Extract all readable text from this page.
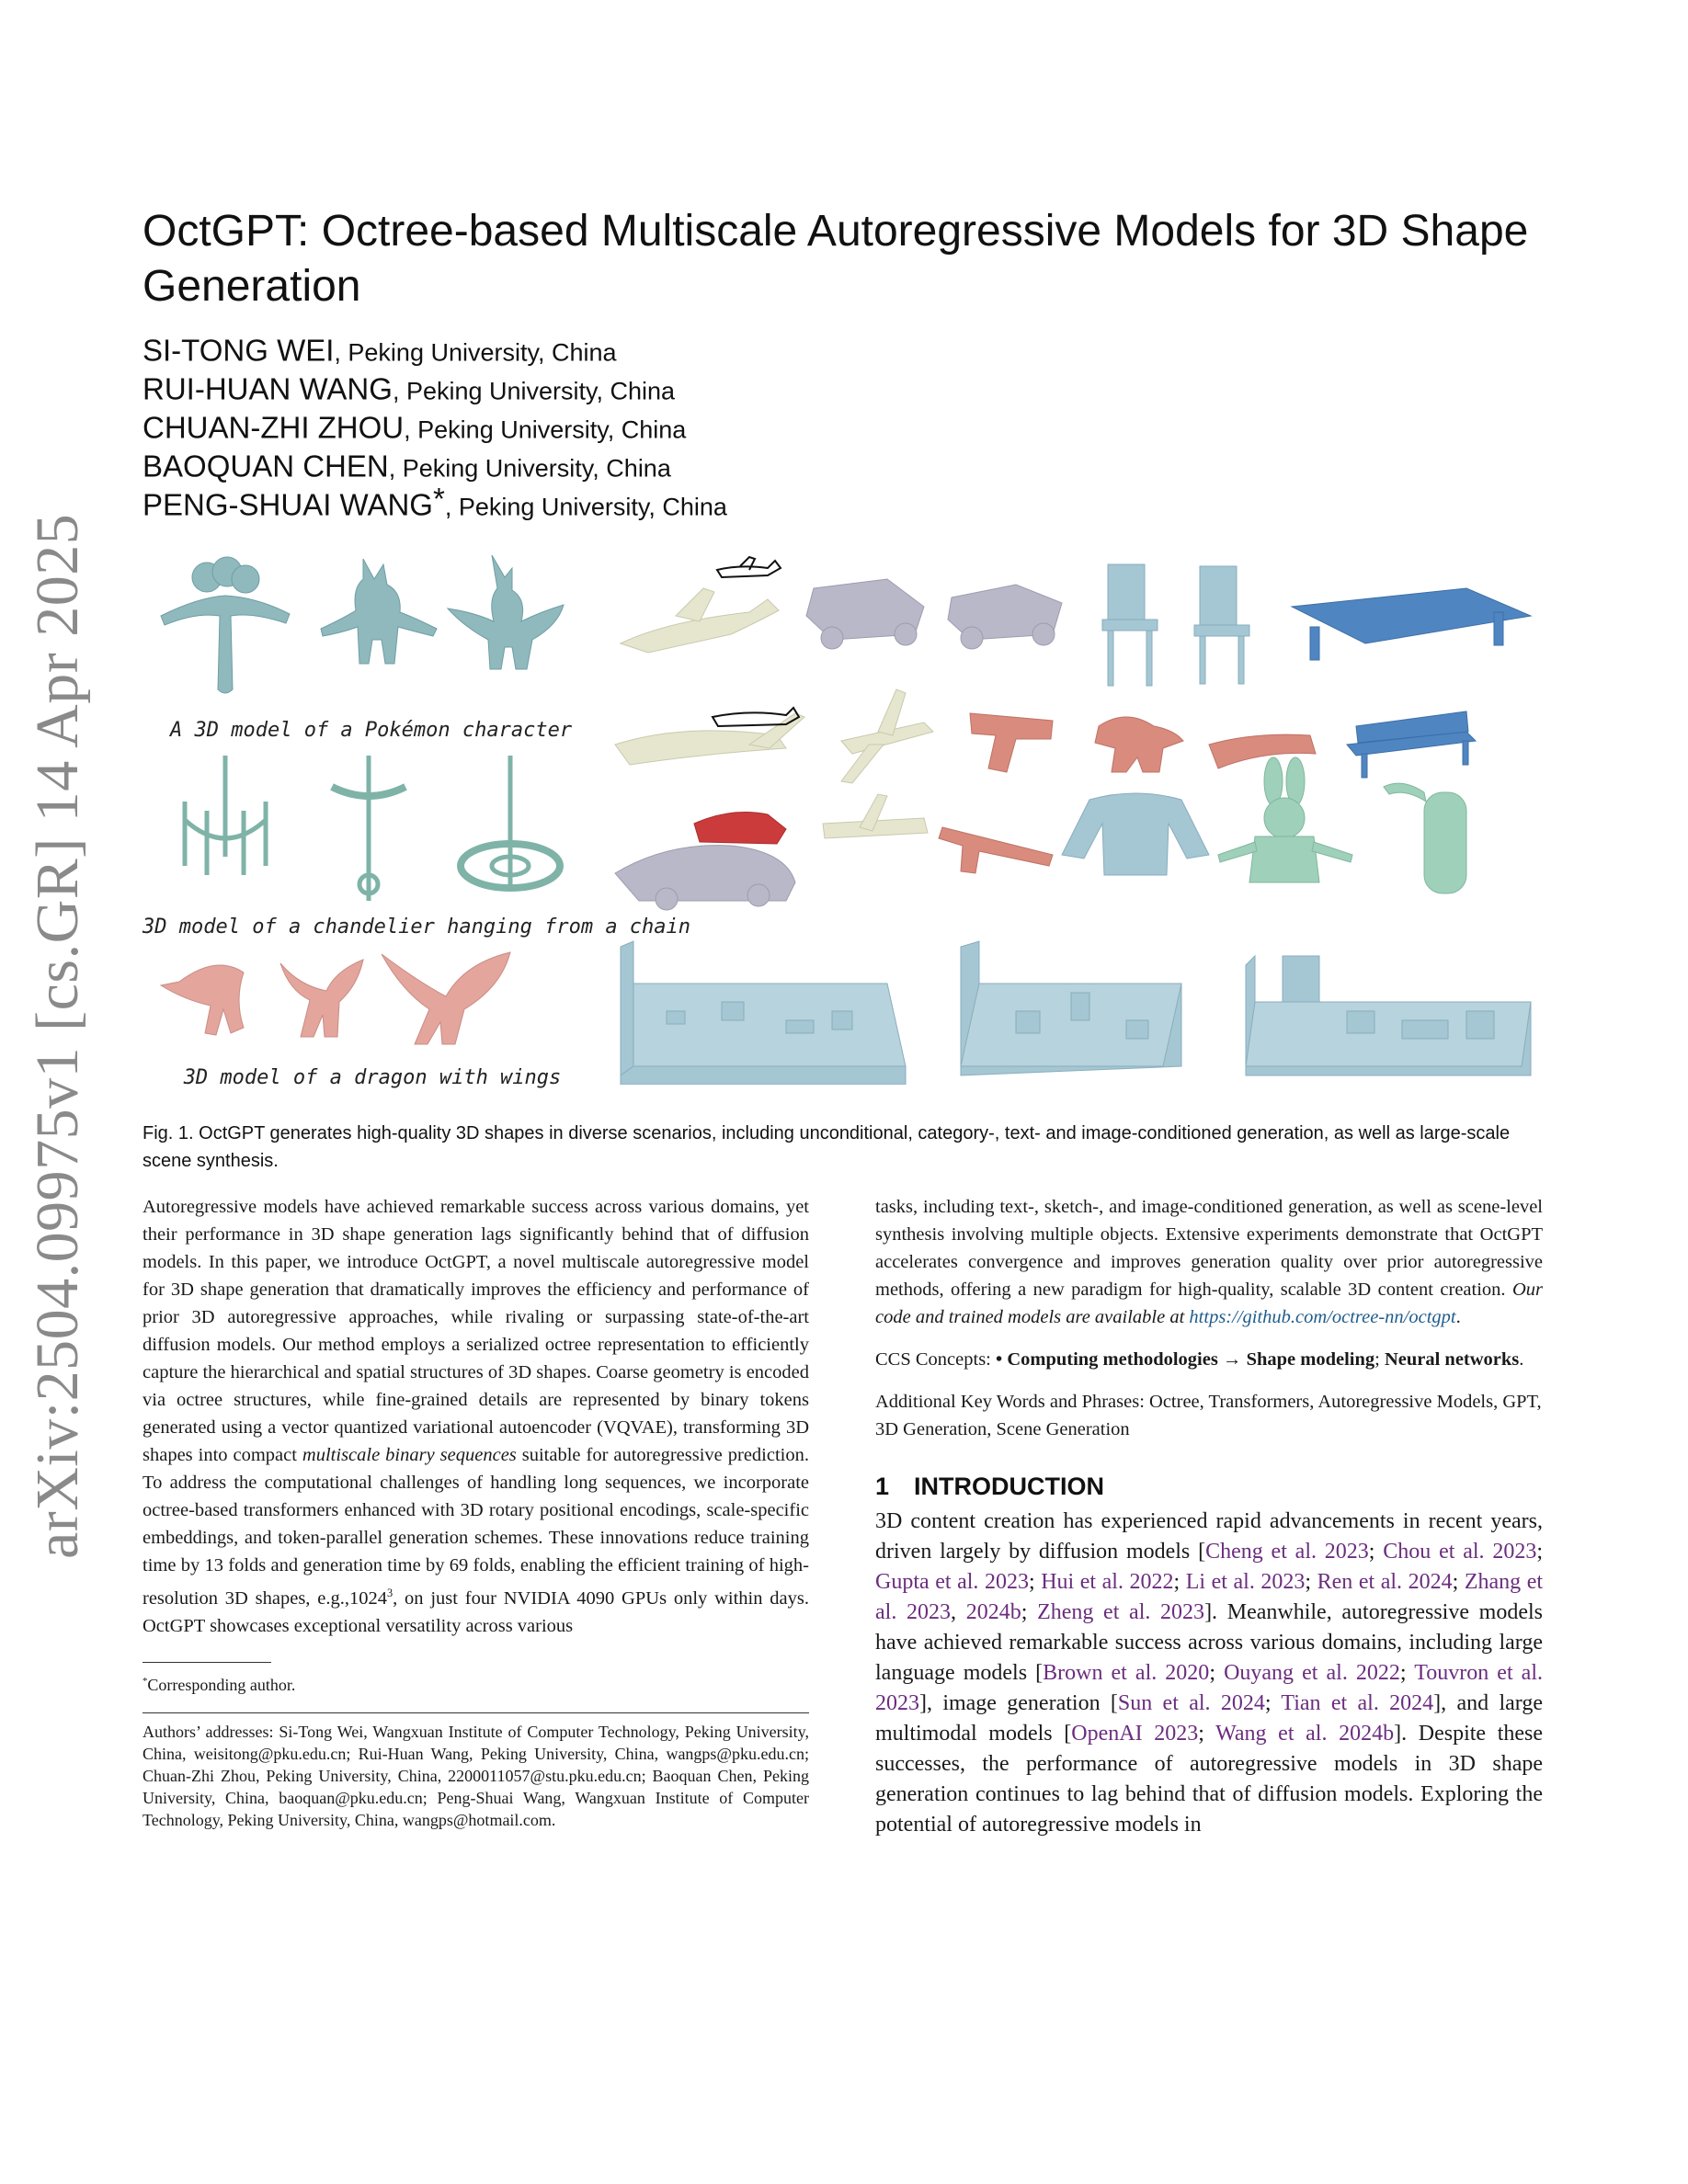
arXiv:2504.09975v1 [cs.GR] 14 Apr 2025
OctGPT: Octree-based Multiscale Autoregressive Models for 3D Shape Generation
SI-TONG WEI, Peking University, China
RUI-HUAN WANG, Peking University, China
CHUAN-ZHI ZHOU, Peking University, China
BAOQUAN CHEN, Peking University, China
PENG-SHUAI WANG*, Peking University, China
A 3D model of a Pokémon character
3D model of a chandelier hanging from a chain
3D model of a dragon with wings
Fig. 1. OctGPT generates high-quality 3D shapes in diverse scenarios, including unconditional, category-, text- and image-conditioned generation, as well as large-scale scene synthesis.

Autoregressive models have achieved remarkable success across various domains, yet their performance in 3D shape generation lags significantly behind that of diffusion models. In this paper, we introduce OctGPT, a novel multiscale autoregressive model for 3D shape generation that dramatically improves the efficiency and performance of prior 3D autoregressive approaches, while rivaling or surpassing state-of-the-art diffusion models. Our method employs a serialized octree representation to efficiently capture the hierarchical and spatial structures of 3D shapes. Coarse geometry is encoded via octree structures, while fine-grained details are represented by binary tokens generated using a vector quantized variational autoencoder (VQVAE), transforming 3D shapes into compact multiscale binary sequences suitable for autoregressive prediction. To address the computational challenges of handling long sequences, we incorporate octree-based transformers enhanced with 3D rotary positional encodings, scale-specific embeddings, and token-parallel generation schemes. These innovations reduce training time by 13 folds and generation time by 69 folds, enabling the efficient training of high-resolution 3D shapes, e.g.,1024$^3$, on just four NVIDIA 4090 GPUs only within days. OctGPT showcases exceptional versatility across various

*Corresponding author.
Authors’ addresses: Si-Tong Wei, Wangxuan Institute of Computer Technology, Peking University, China, weisitong@pku.edu.cn; Rui-Huan Wang, Peking University, China, wangps@pku.edu.cn; Chuan-Zhi Zhou, Peking University, China, 2200011057@stu.pku.edu.cn; Baoquan Chen, Peking University, China, baoquan@pku.edu.cn; Peng-Shuai Wang, Wangxuan Institute of Computer Technology, Peking University, China, wangps@hotmail.com.

tasks, including text-, sketch-, and image-conditioned generation, as well as scene-level synthesis involving multiple objects. Extensive experiments demonstrate that OctGPT accelerates convergence and improves generation quality over prior autoregressive methods, offering a new paradigm for high-quality, scalable 3D content creation. Our code and trained models are available at https://github.com/octree-nn/octgpt.

CCS Concepts: • Computing methodologies → Shape modeling; Neural networks.

Additional Key Words and Phrases: Octree, Transformers, Autoregressive Models, GPT, 3D Generation, Scene Generation

1 INTRODUCTION

3D content creation has experienced rapid advancements in recent years, driven largely by diffusion models [Cheng et al. 2023; Chou et al. 2023; Gupta et al. 2023; Hui et al. 2022; Li et al. 2023; Ren et al. 2024; Zhang et al. 2023, 2024b; Zheng et al. 2023]. Meanwhile, autoregressive models have achieved remarkable success across various domains, including large language models [Brown et al. 2020; Ouyang et al. 2022; Touvron et al. 2023], image generation [Sun et al. 2024; Tian et al. 2024], and large multimodal models [OpenAI 2023; Wang et al. 2024b]. Despite these successes, the performance of autoregressive models in 3D shape generation continues to lag behind that of diffusion models. Exploring the potential of autoregressive models in
